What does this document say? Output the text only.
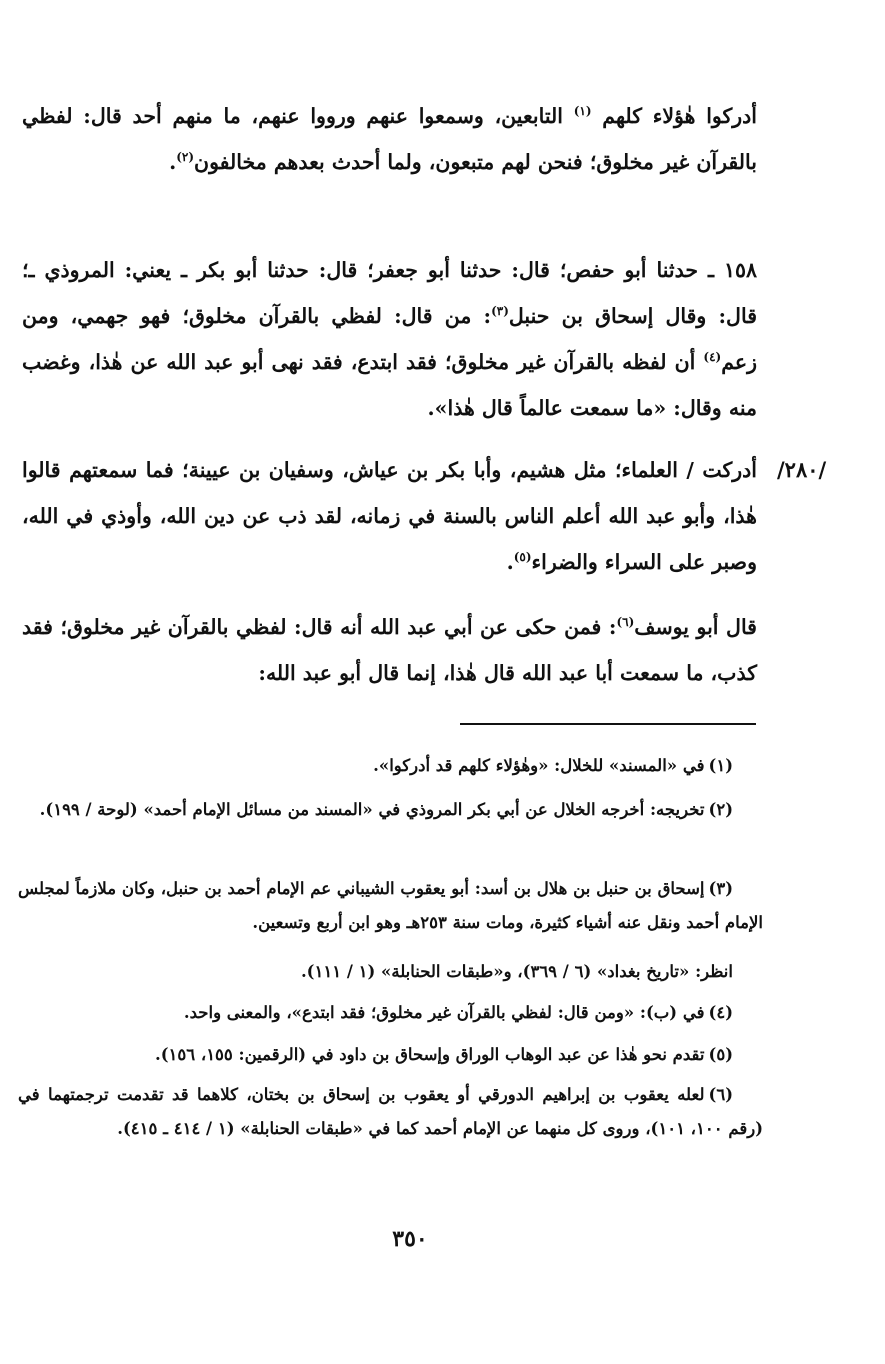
أدركوا هٰؤلاء كلهم $^{(١)}$ التابعين، وسمعوا عنهم ورووا عنهم، ما منهم أحد قال: لفظي بالقرآن غير مخلوق؛ فنحن لهم متبعون، ولما أحدث بعدهم مخالفون$^{(٢)}$.
١٥٨ ـ حدثنا أبو حفص؛ قال: حدثنا أبو جعفر؛ قال: حدثنا أبو بكر ـ يعني: المروذي ـ؛ قال: وقال إسحاق بن حنبل$^{(٣)}$: من قال: لفظي بالقرآن مخلوق؛ فهو جهمي، ومن زعم$^{(٤)}$ أن لفظه بالقرآن غير مخلوق؛ فقد ابتدع، فقد نهى أبو عبد الله عن هٰذا، وغضب منه وقال: «ما سمعت عالماً قال هٰذا».
/٢٨٠/
أدركت / العلماء؛ مثل هشيم، وأبا بكر بن عياش، وسفيان بن عيينة؛ فما سمعتهم قالوا هٰذا، وأبو عبد الله أعلم الناس بالسنة في زمانه، لقد ذب عن دين الله، وأوذي في الله، وصبر على السراء والضراء$^{(٥)}$.
قال أبو يوسف$^{(٦)}$: فمن حكى عن أبي عبد الله أنه قال: لفظي بالقرآن غير مخلوق؛ فقد كذب، ما سمعت أبا عبد الله قال هٰذا، إنما قال أبو عبد الله:
(١)في «المسند» للخلال: «وهٰؤلاء كلهم قد أدركوا».
(٢)تخريجه: أخرجه الخلال عن أبي بكر المروذي في «المسند من مسائل الإمام أحمد» (لوحة / ١٩٩).
(٣)إسحاق بن حنبل بن هلال بن أسد: أبو يعقوب الشيباني عم الإمام أحمد بن حنبل، وكان ملازماً لمجلس الإمام أحمد ونقل عنه أشياء كثيرة، ومات سنة ٢٥٣هـ وهو ابن أربع وتسعين.
انظر: «تاريخ بغداد» (٦ / ٣٦٩)، و«طبقات الحنابلة» (١ / ١١١).
(٤)في (ب): «ومن قال: لفظي بالقرآن غير مخلوق؛ فقد ابتدع»، والمعنى واحد.
(٥)تقدم نحو هٰذا عن عبد الوهاب الوراق وإسحاق بن داود في (الرقمين: ١٥٥، ١٥٦).
(٦)لعله يعقوب بن إبراهيم الدورقي أو يعقوب بن إسحاق بن بختان، كلاهما قد تقدمت ترجمتهما في (رقم ١٠٠، ١٠١)، وروى كل منهما عن الإمام أحمد كما في «طبقات الحنابلة» (١ / ٤١٤ ـ ٤١٥).
٣٥٠
